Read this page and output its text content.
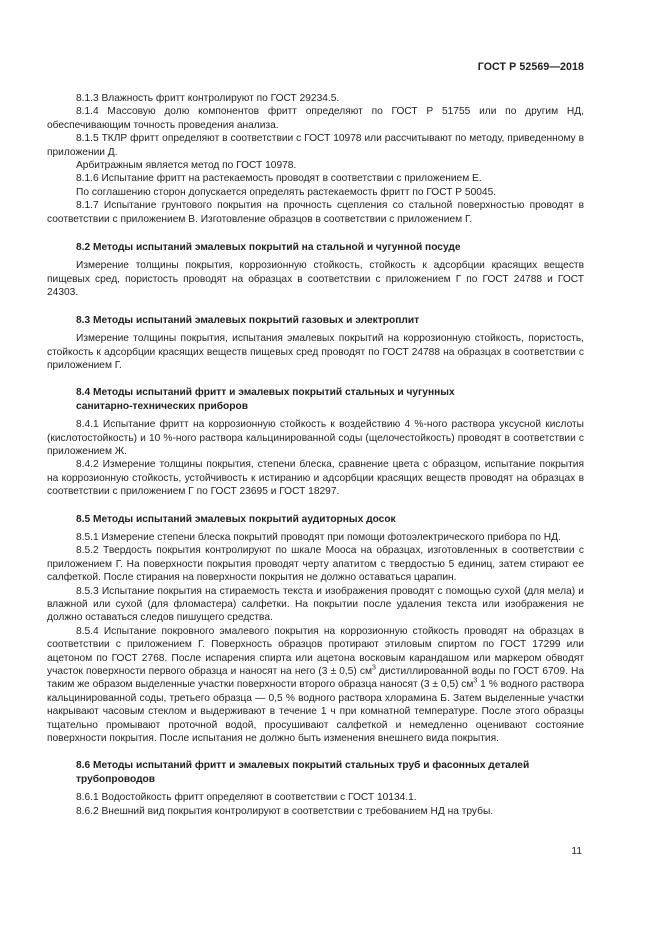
ГОСТ Р 52569—2018

8.1.3 Влажность фритт контролируют по ГОСТ 29234.5.

8.1.4 Массовую долю компонентов фритт определяют по ГОСТ Р 51755 или по другим НД, обеспечивающим точность проведения анализа.

8.1.5 ТКЛР фритт определяют в соответствии с ГОСТ 10978 или рассчитывают по методу, приведенному в приложении Д.

Арбитражным является метод по ГОСТ 10978.

8.1.6 Испытание фритт на растекаемость проводят в соответствии с приложением Е.

По соглашению сторон допускается определять растекаемость фритт по ГОСТ Р 50045.

8.1.7 Испытание грунтового покрытия на прочность сцепления со стальной поверхностью проводят в соответствии с приложением В. Изготовление образцов в соответствии с приложением Г.

8.2 Методы испытаний эмалевых покрытий на стальной и чугунной посуде

Измерение толщины покрытия, коррозионную стойкость, стойкость к адсорбции красящих веществ пищевых сред, пористость проводят на образцах в соответствии с приложением Г по ГОСТ 24788 и ГОСТ 24303.

8.3 Методы испытаний эмалевых покрытий газовых и электроплит

Измерение толщины покрытия, испытания эмалевых покрытий на коррозионную стойкость, пористость, стойкость к адсорбции красящих веществ пищевых сред проводят по ГОСТ 24788 на образцах в соответствии с приложением Г.

8.4 Методы испытаний фритт и эмалевых покрытий стальных и чугунных
санитарно-технических приборов

8.4.1 Испытание фритт на коррозионную стойкость к воздействию 4 %-ного раствора уксусной кислоты (кислотостойкость) и 10 %-ного раствора кальцинированной соды (щелочестойкость) проводят в соответствии с приложением Ж.

8.4.2 Измерение толщины покрытия, степени блеска, сравнение цвета с образцом, испытание покрытия на коррозионную стойкость, устойчивость к истиранию и адсорбции красящих веществ проводят на образцах в соответствии с приложением Г по ГОСТ 23695 и ГОСТ 18297.

8.5 Методы испытаний эмалевых покрытий аудиторных досок

8.5.1 Измерение степени блеска покрытий проводят при помощи фотоэлектрического прибора по НД.

8.5.2 Твердость покрытия контролируют по шкале Мооса на образцах, изготовленных в соответствии с приложением Г. На поверхности покрытия проводят черту апатитом с твердостью 5 единиц, затем стирают ее салфеткой. После стирания на поверхности покрытия не должно оставаться царапин.

8.5.3 Испытание покрытия на стираемость текста и изображения проводят с помощью сухой (для мела) и влажной или сухой (для фломастера) салфетки. На покрытии после удаления текста или изображения не должно оставаться следов пишущего средства.

8.5.4 Испытание покровного эмалевого покрытия на коррозионную стойкость проводят на образцах в соответствии с приложением Г. Поверхность образцов протирают этиловым спиртом по ГОСТ 17299 или ацетоном по ГОСТ 2768. После испарения спирта или ацетона восковым карандашом или маркером обводят участок поверхности первого образца и наносят на него (3 ± 0,5) $см^3$ дистиллированной воды по ГОСТ 6709. На таким же образом выделенные участки поверхности второго образца наносят (3 ± 0,5) $см^3$ 1 % водного раствора кальцинированной соды, третьего образца — 0,5 % водного раствора хлорамина Б. Затем выделенные участки накрывают часовым стеклом и выдерживают в течение 1 ч при комнатной температуре. После этого образцы тщательно промывают проточной водой, просушивают салфеткой и немедленно оценивают состояние поверхности покрытия. После испытания не должно быть изменения внешнего вида покрытия.

8.6 Методы испытаний фритт и эмалевых покрытий стальных труб и фасонных деталей
трубопроводов

8.6.1 Водостойкость фритт определяют в соответствии с ГОСТ 10134.1.

8.6.2 Внешний вид покрытия контролируют в соответствии с требованием НД на трубы.

11
